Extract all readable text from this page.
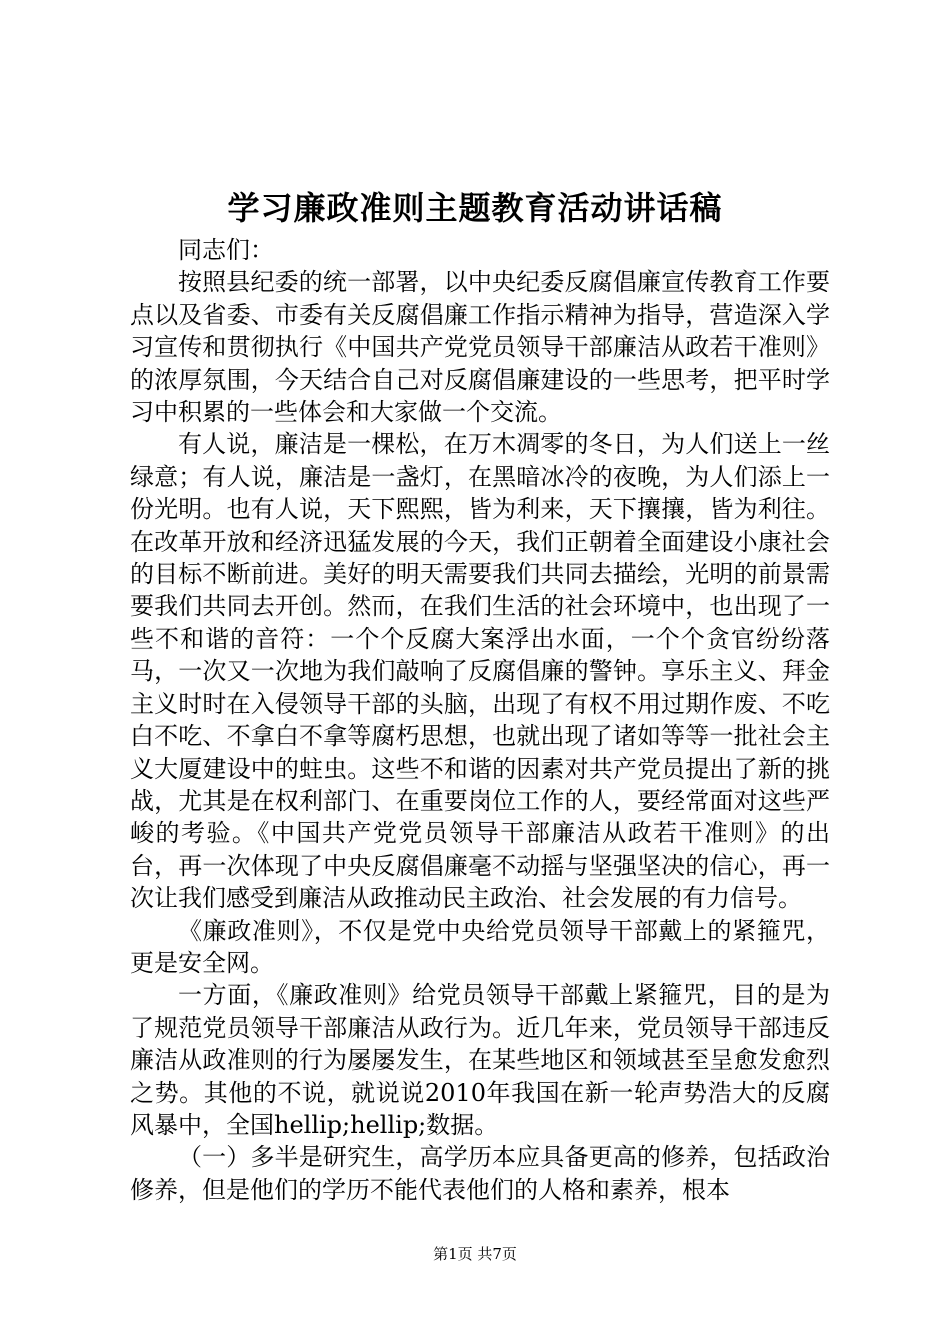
学习廉政准则主题教育活动讲话稿

同志们：

按照县纪委的统一部署，以中央纪委反腐倡廉宣传教育工作要点以及省委、市委有关反腐倡廉工作指示精神为指导，营造深入学习宣传和贯彻执行《中国共产党党员领导干部廉洁从政若干准则》的浓厚氛围，今天结合自己对反腐倡廉建设的一些思考，把平时学习中积累的一些体会和大家做一个交流。

有人说，廉洁是一棵松，在万木凋零的冬日，为人们送上一丝绿意；有人说，廉洁是一盏灯，在黑暗冰冷的夜晚，为人们添上一份光明。也有人说，天下熙熙，皆为利来，天下攘攘，皆为利往。在改革开放和经济迅猛发展的今天，我们正朝着全面建设小康社会的目标不断前进。美好的明天需要我们共同去描绘，光明的前景需要我们共同去开创。然而，在我们生活的社会环境中，也出现了一些不和谐的音符：一个个反腐大案浮出水面，一个个贪官纷纷落马，一次又一次地为我们敲响了反腐倡廉的警钟。享乐主义、拜金主义时时在入侵领导干部的头脑，出现了有权不用过期作废、不吃白不吃、不拿白不拿等腐朽思想，也就出现了诸如等等一批社会主义大厦建设中的蛀虫。这些不和谐的因素对共产党员提出了新的挑战，尤其是在权利部门、在重要岗位工作的人，要经常面对这些严峻的考验。《中国共产党党员领导干部廉洁从政若干准则》的出台，再一次体现了中央反腐倡廉毫不动摇与坚强坚决的信心，再一次让我们感受到廉洁从政推动民主政治、社会发展的有力信号。

《廉政准则》，不仅是党中央给党员领导干部戴上的紧箍咒，更是安全网。

一方面，《廉政准则》给党员领导干部戴上紧箍咒，目的是为了规范党员领导干部廉洁从政行为。近几年来，党员领导干部违反廉洁从政准则的行为屡屡发生，在某些地区和领域甚至呈愈发愈烈之势。其他的不说，就说说2010年我国在新一轮声势浩大的反腐风暴中，全国hellip;hellip;数据。

（一）多半是研究生，高学历本应具备更高的修养，包括政治修养，但是他们的学历不能代表他们的人格和素养，根本

第1页 共7页
